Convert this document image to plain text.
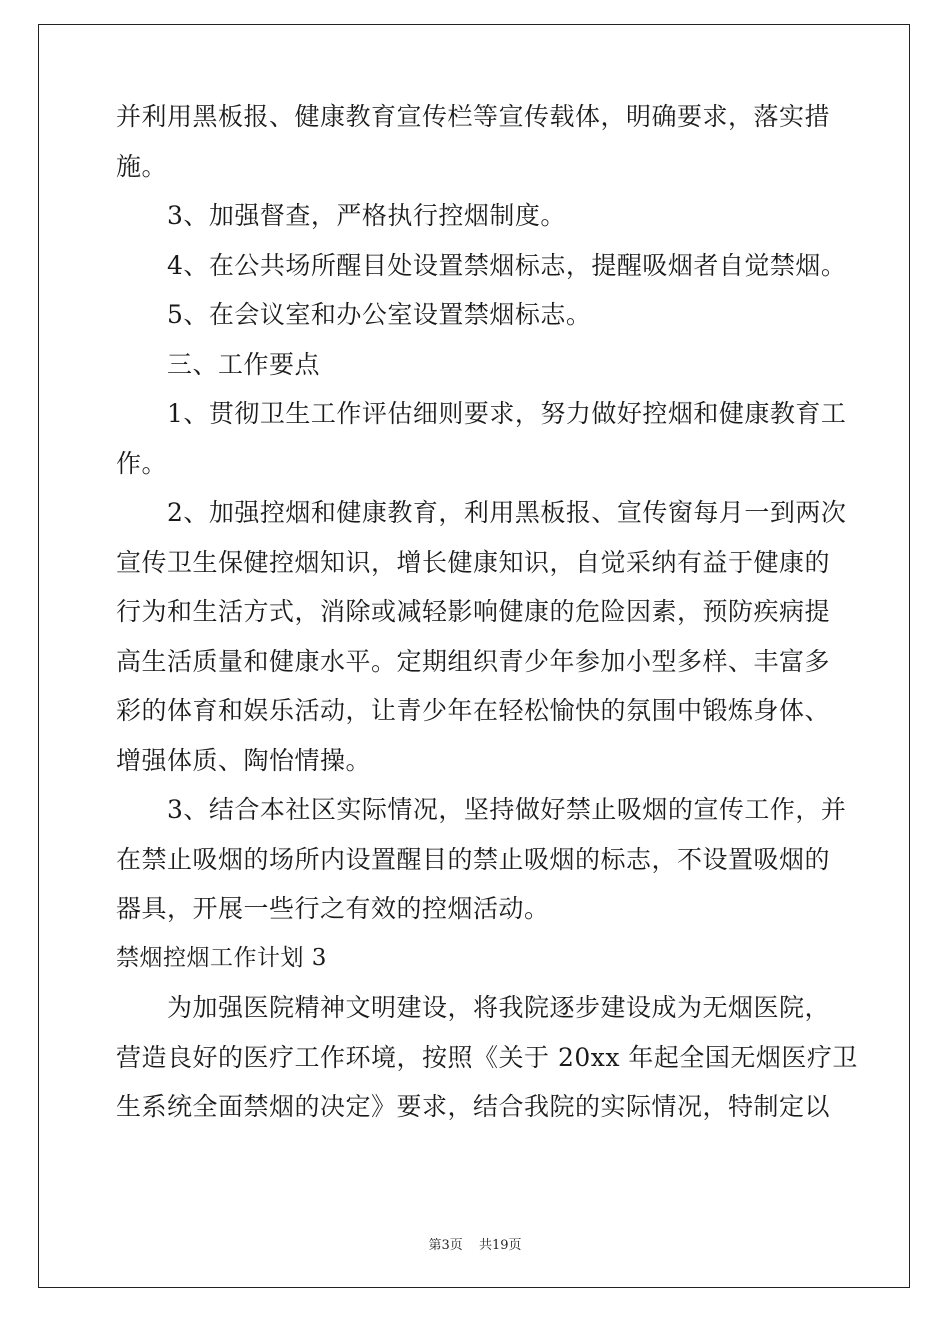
并利用黑板报、健康教育宣传栏等宣传载体，明确要求，落实措
施。
3、加强督查，严格执行控烟制度。
4、在公共场所醒目处设置禁烟标志，提醒吸烟者自觉禁烟。
5、在会议室和办公室设置禁烟标志。
三、工作要点
1、贯彻卫生工作评估细则要求，努力做好控烟和健康教育工
作。
2、加强控烟和健康教育，利用黑板报、宣传窗每月一到两次
宣传卫生保健控烟知识，增长健康知识，自觉采纳有益于健康的
行为和生活方式，消除或减轻影响健康的危险因素，预防疾病提
高生活质量和健康水平。定期组织青少年参加小型多样、丰富多
彩的体育和娱乐活动，让青少年在轻松愉快的氛围中锻炼身体、
增强体质、陶怡情操。
3、结合本社区实际情况，坚持做好禁止吸烟的宣传工作，并
在禁止吸烟的场所内设置醒目的禁止吸烟的标志，不设置吸烟的
器具，开展一些行之有效的控烟活动。
禁烟控烟工作计划 3
为加强医院精神文明建设，将我院逐步建设成为无烟医院，
营造良好的医疗工作环境，按照《关于 20xx 年起全国无烟医疗卫
生系统全面禁烟的决定》要求，结合我院的实际情况，特制定以
第3页 共19页
